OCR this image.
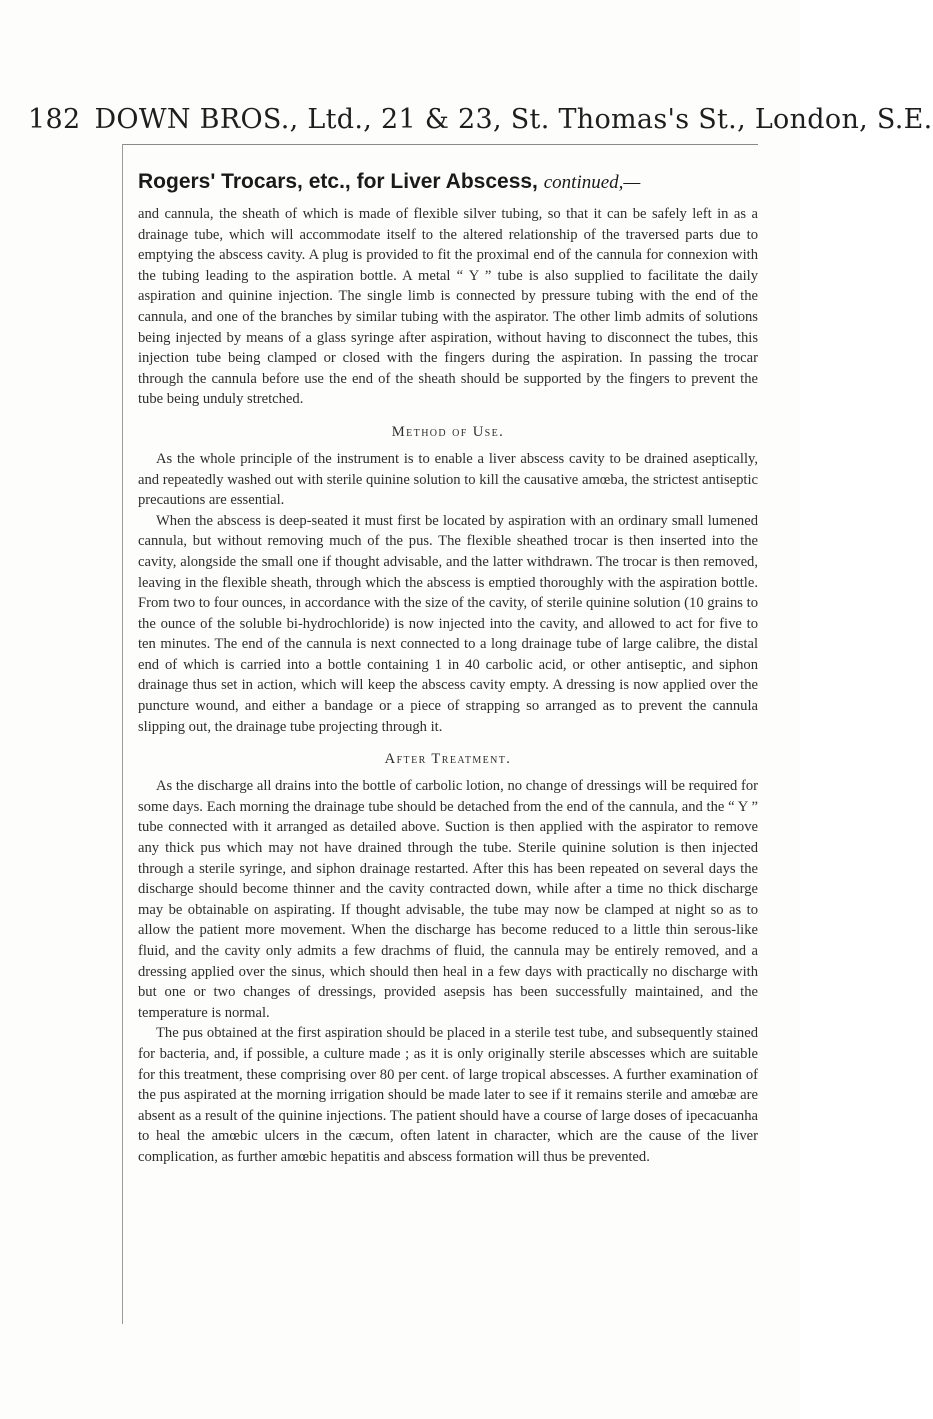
182 DOWN BROS., Ltd., 21 & 23, St. Thomas's St., London, S.E.
Rogers' Trocars, etc., for Liver Abscess, continued,—

and cannula, the sheath of which is made of flexible silver tubing, so that it can be safely left in as a drainage tube, which will accommodate itself to the altered relationship of the traversed parts due to emptying the abscess cavity. A plug is provided to fit the proximal end of the cannula for connexion with the tubing leading to the aspiration bottle. A metal “ Y ” tube is also supplied to facilitate the daily aspiration and quinine injection. The single limb is connected by pressure tubing with the end of the cannula, and one of the branches by similar tubing with the aspirator. The other limb admits of solutions being injected by means of a glass syringe after aspiration, without having to disconnect the tubes, this injection tube being clamped or closed with the fingers during the aspiration. In passing the trocar through the cannula before use the end of the sheath should be supported by the fingers to prevent the tube being unduly stretched.

Method of Use.

As the whole principle of the instrument is to enable a liver abscess cavity to be drained aseptically, and repeatedly washed out with sterile quinine solution to kill the causative amœba, the strictest antiseptic precautions are essential.

When the abscess is deep-seated it must first be located by aspiration with an ordinary small lumened cannula, but without removing much of the pus. The flexible sheathed trocar is then inserted into the cavity, alongside the small one if thought advisable, and the latter withdrawn. The trocar is then removed, leaving in the flexible sheath, through which the abscess is emptied thoroughly with the aspiration bottle. From two to four ounces, in accordance with the size of the cavity, of sterile quinine solution (10 grains to the ounce of the soluble bi-hydrochloride) is now injected into the cavity, and allowed to act for five to ten minutes. The end of the cannula is next connected to a long drainage tube of large calibre, the distal end of which is carried into a bottle containing 1 in 40 carbolic acid, or other antiseptic, and siphon drainage thus set in action, which will keep the abscess cavity empty. A dressing is now applied over the puncture wound, and either a bandage or a piece of strapping so arranged as to prevent the cannula slipping out, the drainage tube projecting through it.

After Treatment.

As the discharge all drains into the bottle of carbolic lotion, no change of dressings will be required for some days. Each morning the drainage tube should be detached from the end of the cannula, and the “ Y ” tube connected with it arranged as detailed above. Suction is then applied with the aspirator to remove any thick pus which may not have drained through the tube. Sterile quinine solution is then injected through a sterile syringe, and siphon drainage restarted. After this has been repeated on several days the discharge should become thinner and the cavity contracted down, while after a time no thick discharge may be obtainable on aspirating. If thought advisable, the tube may now be clamped at night so as to allow the patient more movement. When the discharge has become reduced to a little thin serous-like fluid, and the cavity only admits a few drachms of fluid, the cannula may be entirely removed, and a dressing applied over the sinus, which should then heal in a few days with practically no discharge with but one or two changes of dressings, provided asepsis has been successfully maintained, and the temperature is normal.

The pus obtained at the first aspiration should be placed in a sterile test tube, and subsequently stained for bacteria, and, if possible, a culture made ; as it is only originally sterile abscesses which are suitable for this treatment, these comprising over 80 per cent. of large tropical abscesses. A further examination of the pus aspirated at the morning irrigation should be made later to see if it remains sterile and amœbæ are absent as a result of the quinine injections. The patient should have a course of large doses of ipecacuanha to heal the amœbic ulcers in the cæcum, often latent in character, which are the cause of the liver complication, as further amœbic hepatitis and abscess formation will thus be prevented.
